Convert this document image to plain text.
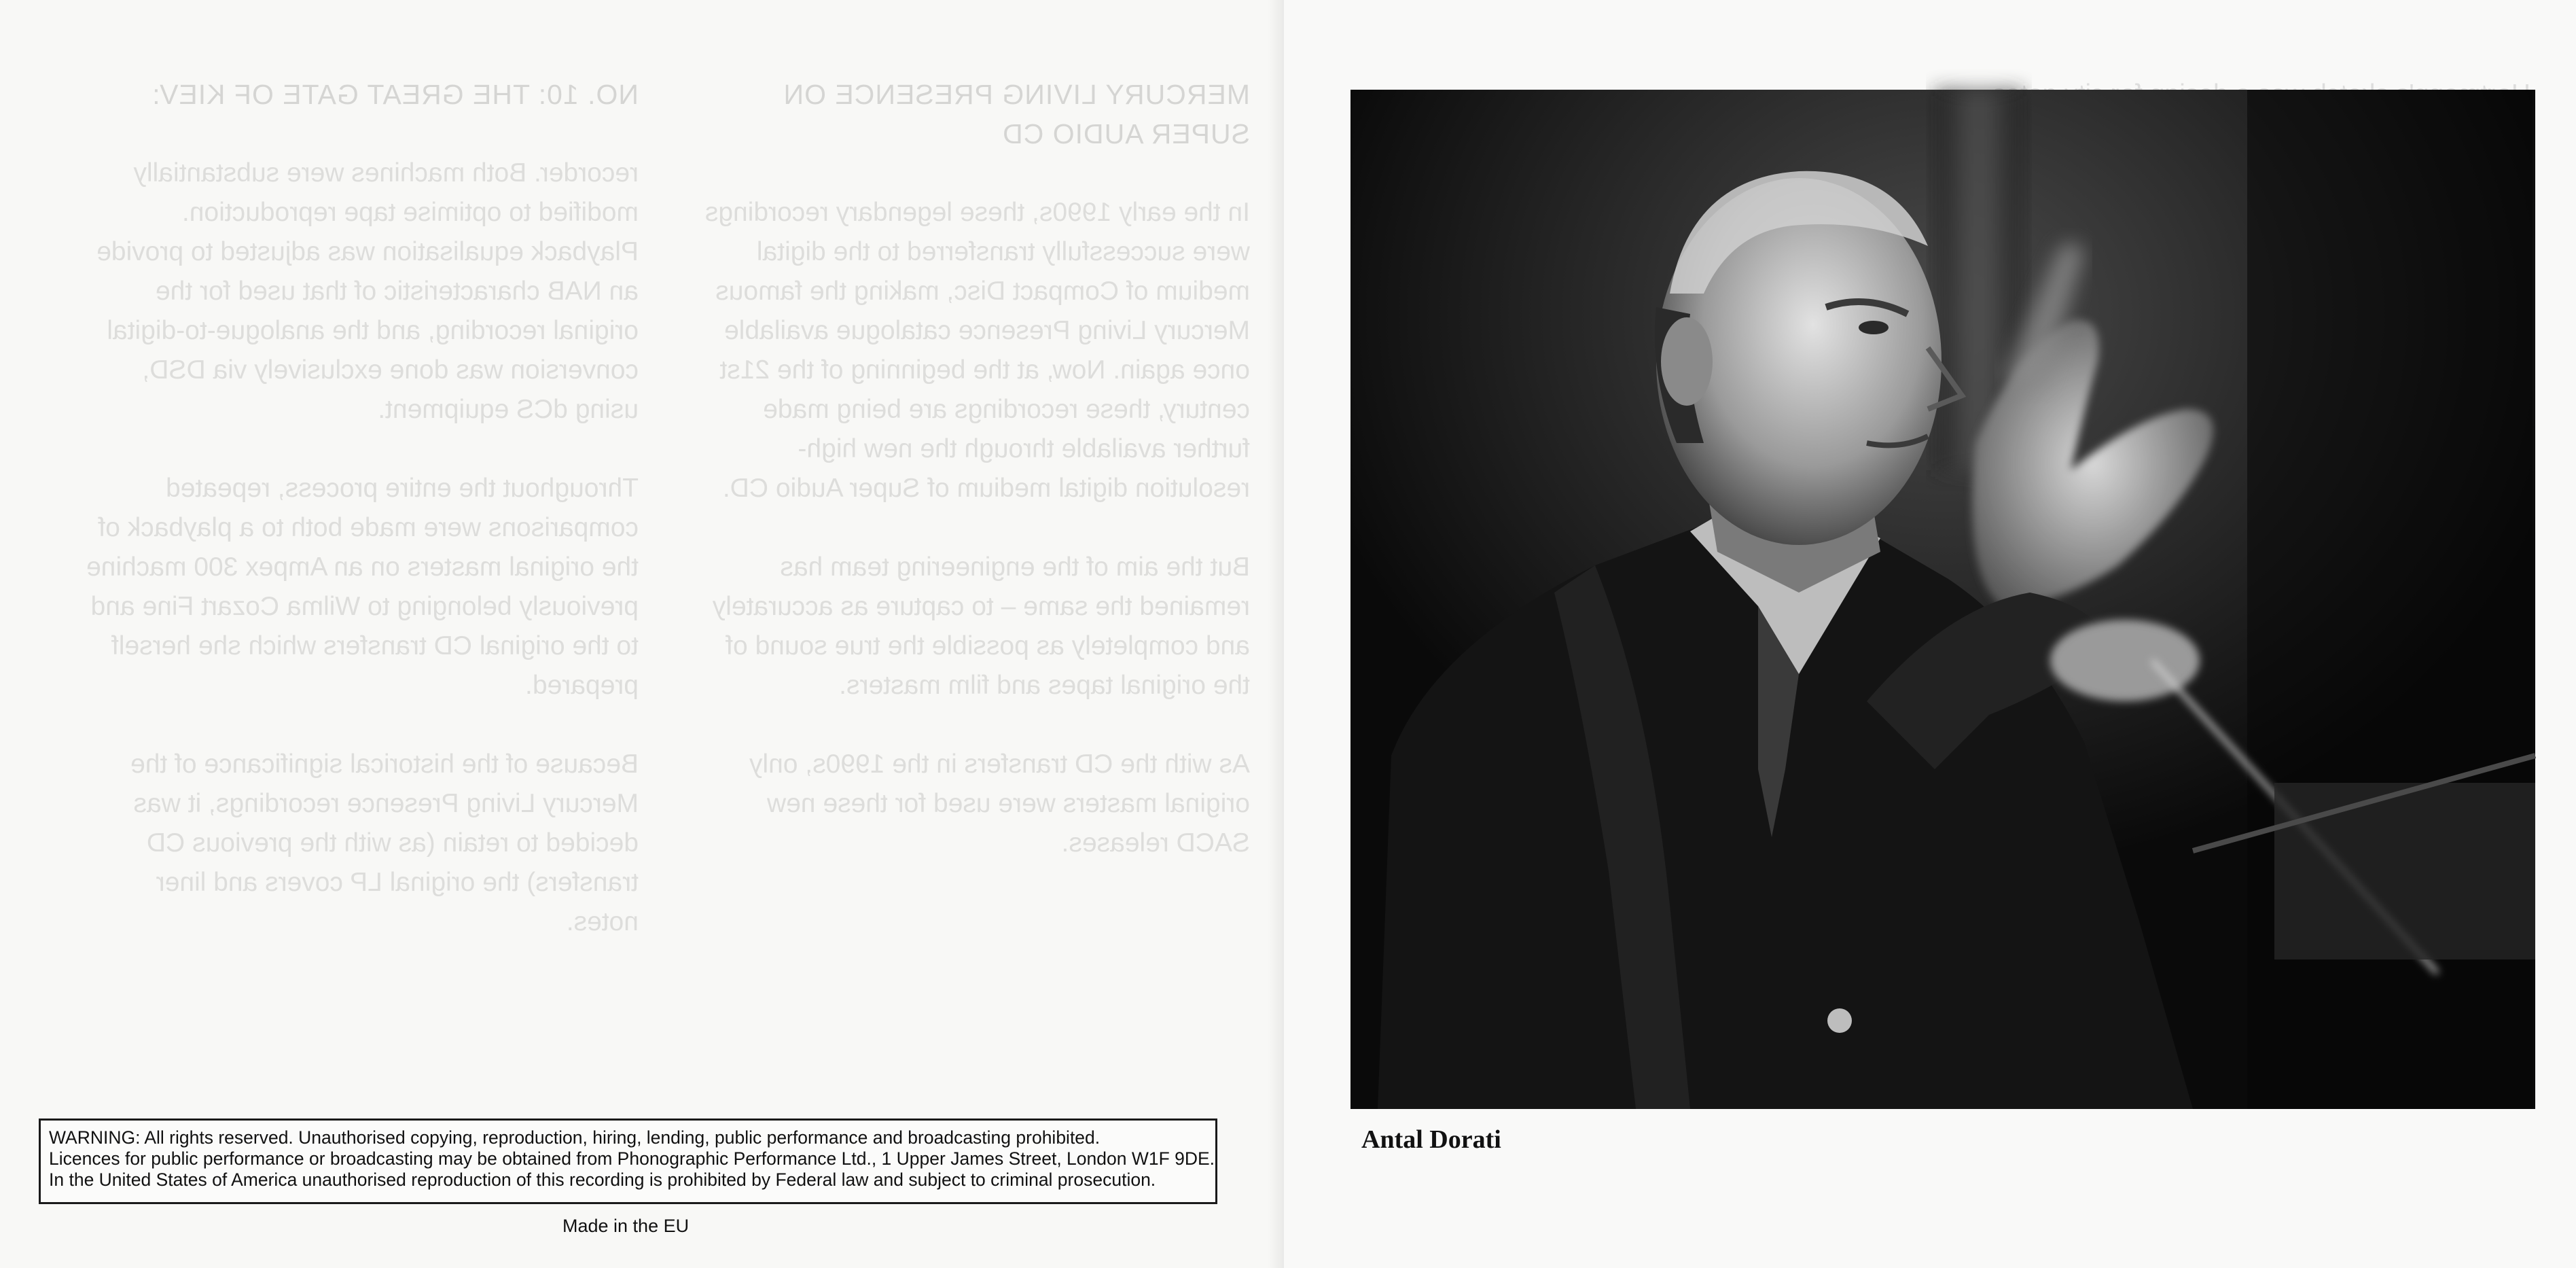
MERCURY LIVING PRESENCE ON SUPER AUDIO CD

In the early 1990s, these legendary recordings were successfully transferred to the digital medium of Compact Disc, making the famous Mercury Living Presence catalogue available once again. Now, at the beginning of the 21st century, these recordings are being made further available through the new high-resolution digital medium of Super Audio CD.

But the aim of the engineering team has remained the same – to capture as accurately and completely as possible the true sound of the original tapes and film masters.

As with the CD transfers in the 1990s, only original masters were used for these new SACD releases.

NO. 10: THE GREAT GATE OF KIEV:

recorder. Both machines were substantially modified to optimise tape reproduction. Playback equalisation was adjusted to provide an NAB characteristic of that used for the original recording, and the analogue-to-digital conversion was done exclusively via DSD, using dCS equipment.

Throughout the entire process, repeated comparisons were made both to a playback of the original masters on an Ampex 300 machine previously belonging to Wilma Cozart Fine and to the original CD transfers which she herself prepared.

Because of the historical significance of the Mercury Living Presence recordings, it was decided to retain (as with the previous CD transfers) the original LP covers and liner notes.

WARNING: All rights reserved. Unauthorised copying, reproduction, hiring, lending, public performance and broadcasting prohibited.
Licences for public performance or broadcasting may be obtained from Phonographic Performance Ltd., 1 Upper James Street, London W1F 9DE.
In the United States of America unauthorised reproduction of this recording is prohibited by Federal law and subject to criminal prosecution.
Made in the EU

Antal Dorati
